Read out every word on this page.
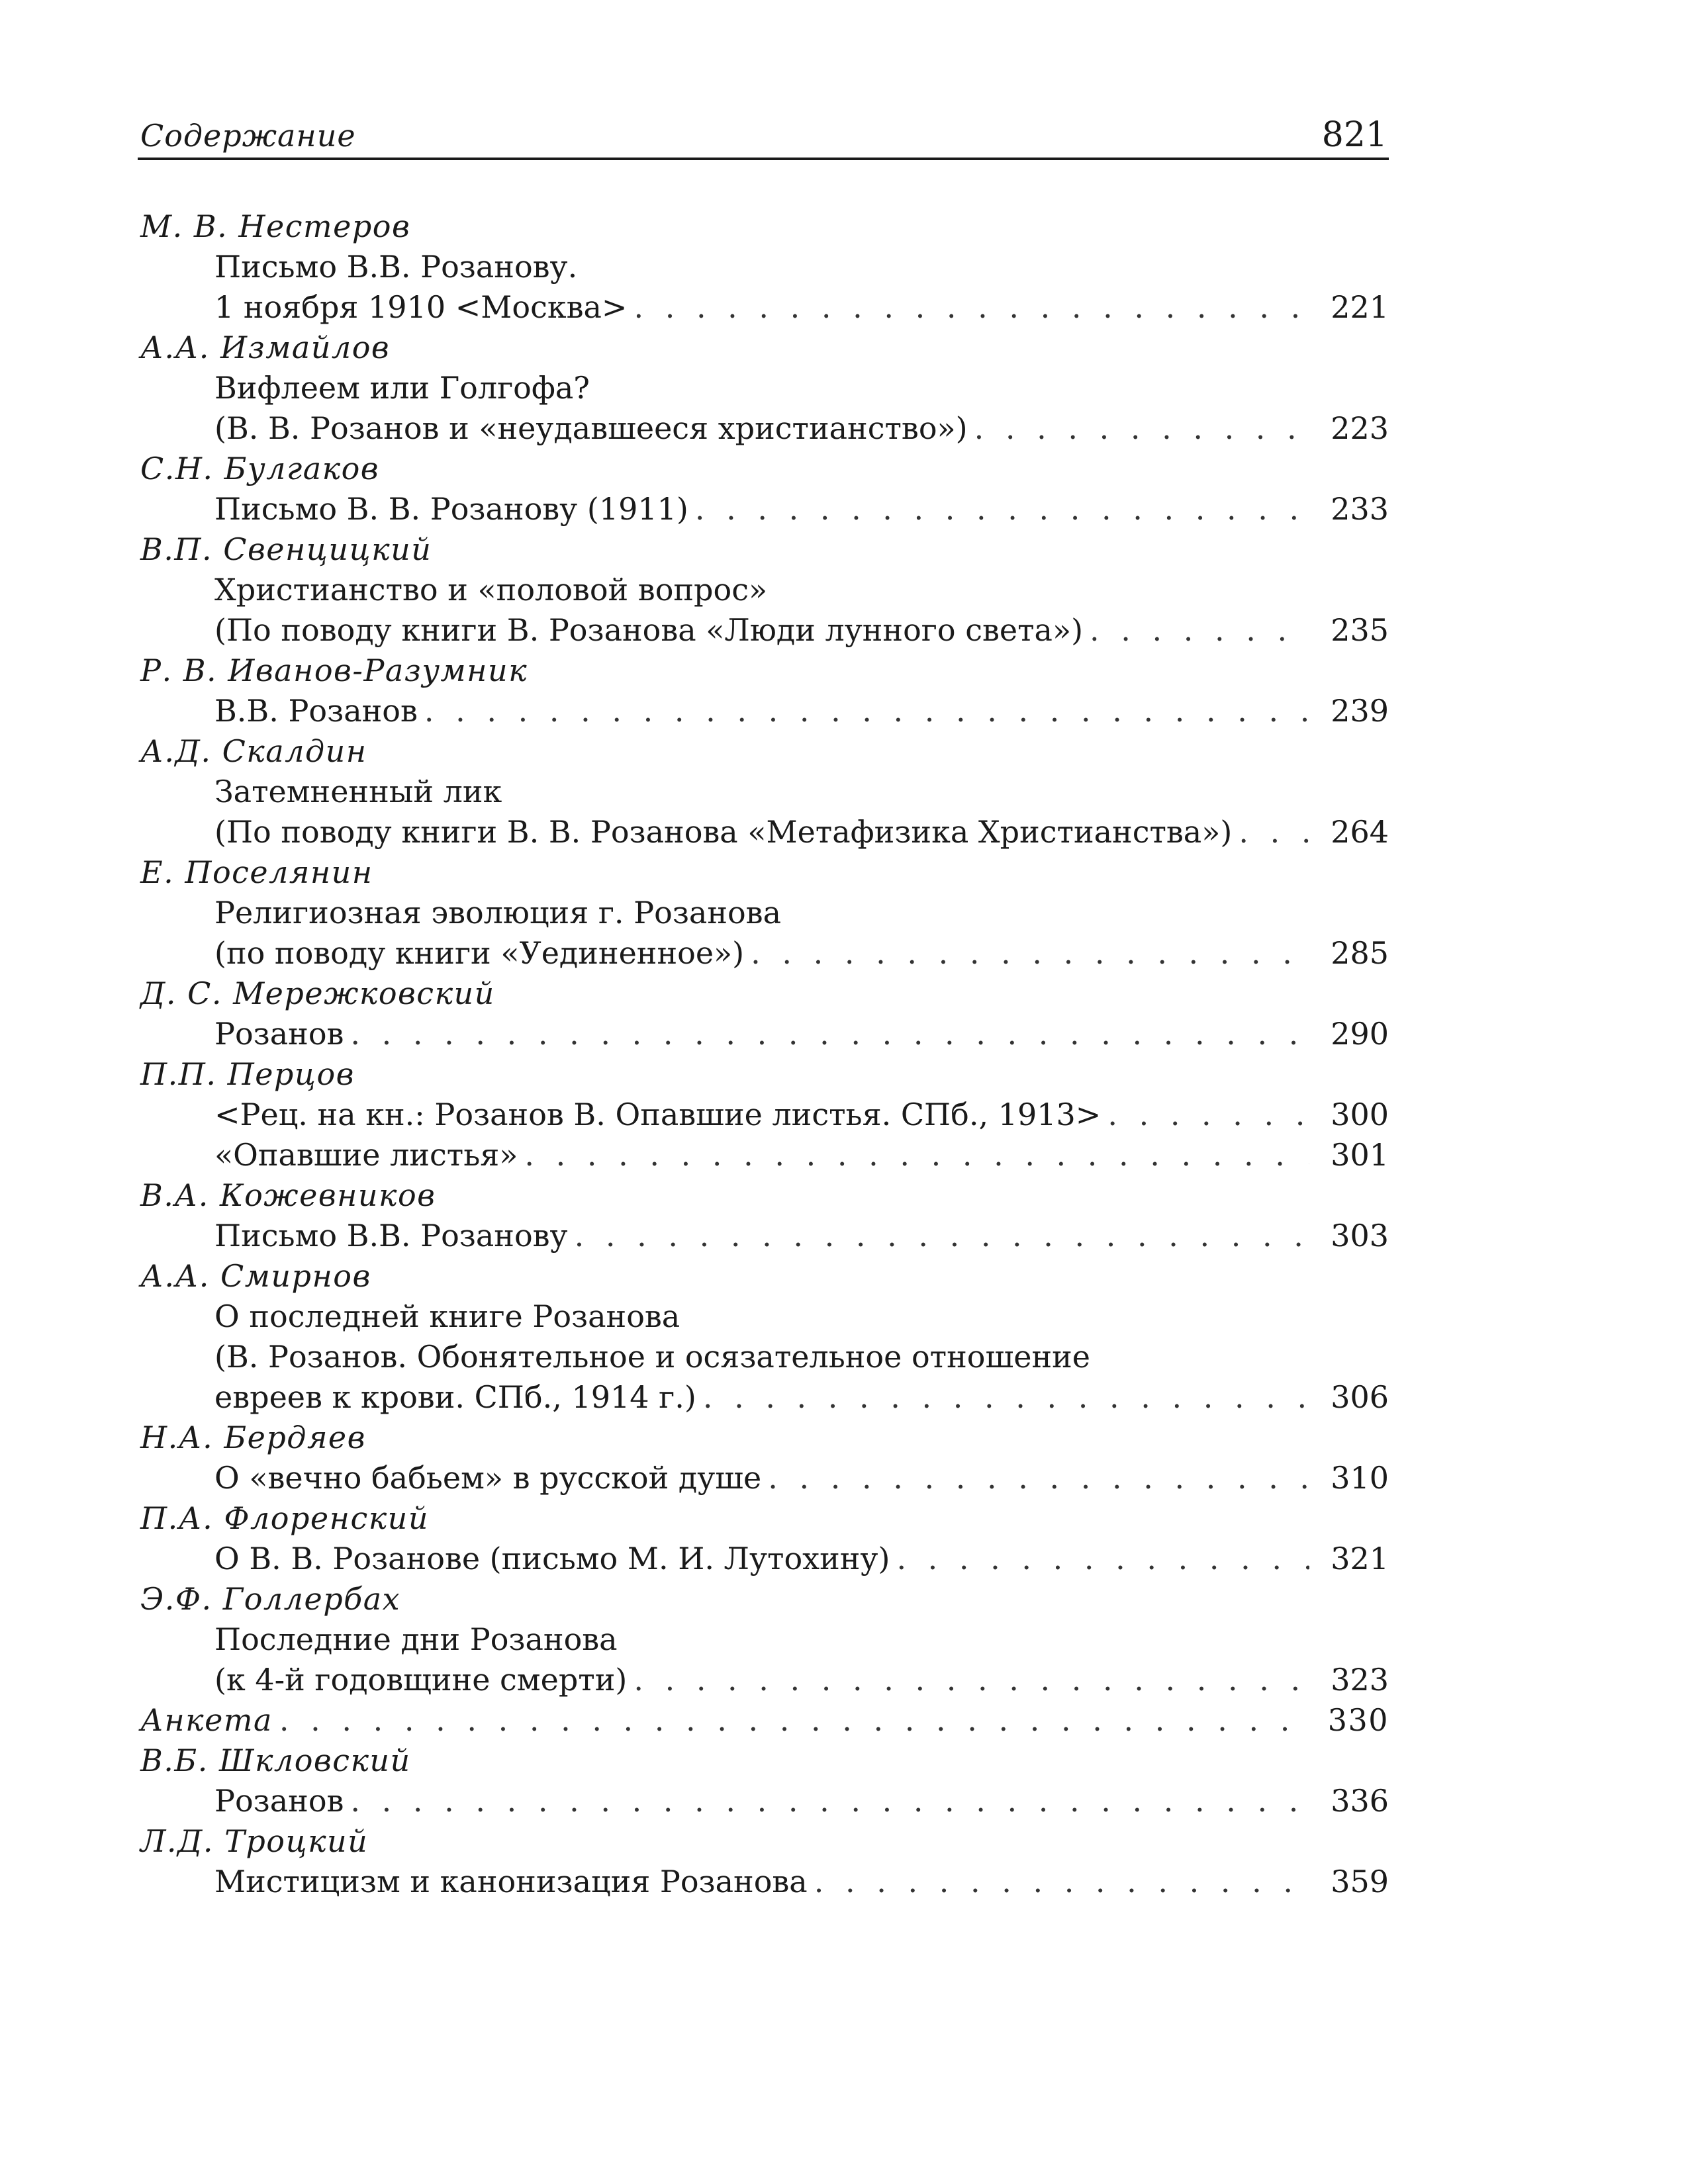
Содержание	821
М. В. Нестеров
Письмо В.В. Розанову.
1 ноября 1910 <Москва> . . .	221
А.А. Измайлов
Вифлеем или Голгофа?
(В. В. Розанов и «неудавшееся христианство») . . .	223
С.Н. Булгаков
Письмо В. В. Розанову (1911) . . .	233
В.П. Свенцицкий
Христианство и «половой вопрос»
(По поводу книги В. Розанова «Люди лунного света») . . .	235
Р. В. Иванов-Разумник
В.В. Розанов . . .	239
А.Д. Скалдин
Затемненный лик
(По поводу книги В. В. Розанова «Метафизика Христианства») . . .	264
Е. Поселянин
Религиозная эволюция г. Розанова
(по поводу книги «Уединенное») . . .	285
Д. С. Мережковский
Розанов . . .	290
П.П. Перцов
<Рец. на кн.: Розанов В. Опавшие листья. СПб., 1913> . . .	300
«Опавшие листья» . . .	301
В.А. Кожевников
Письмо В.В. Розанову . . .	303
А.А. Смирнов
О последней книге Розанова
(В. Розанов. Обонятельное и осязательное отношение
евреев к крови. СПб., 1914 г.) . . .	306
Н.А. Бердяев
О «вечно бабьем» в русской душе . . .	310
П.А. Флоренский
О В. В. Розанове (письмо М. И. Лутохину) . . .	321
Э.Ф. Голлербах
Последние дни Розанова
(к 4-й годовщине смерти) . . .	323
Анкета . . .	330
В.Б. Шкловский
Розанов . . .	336
Л.Д. Троцкий
Мистицизм и канонизация Розанова . . .	359
